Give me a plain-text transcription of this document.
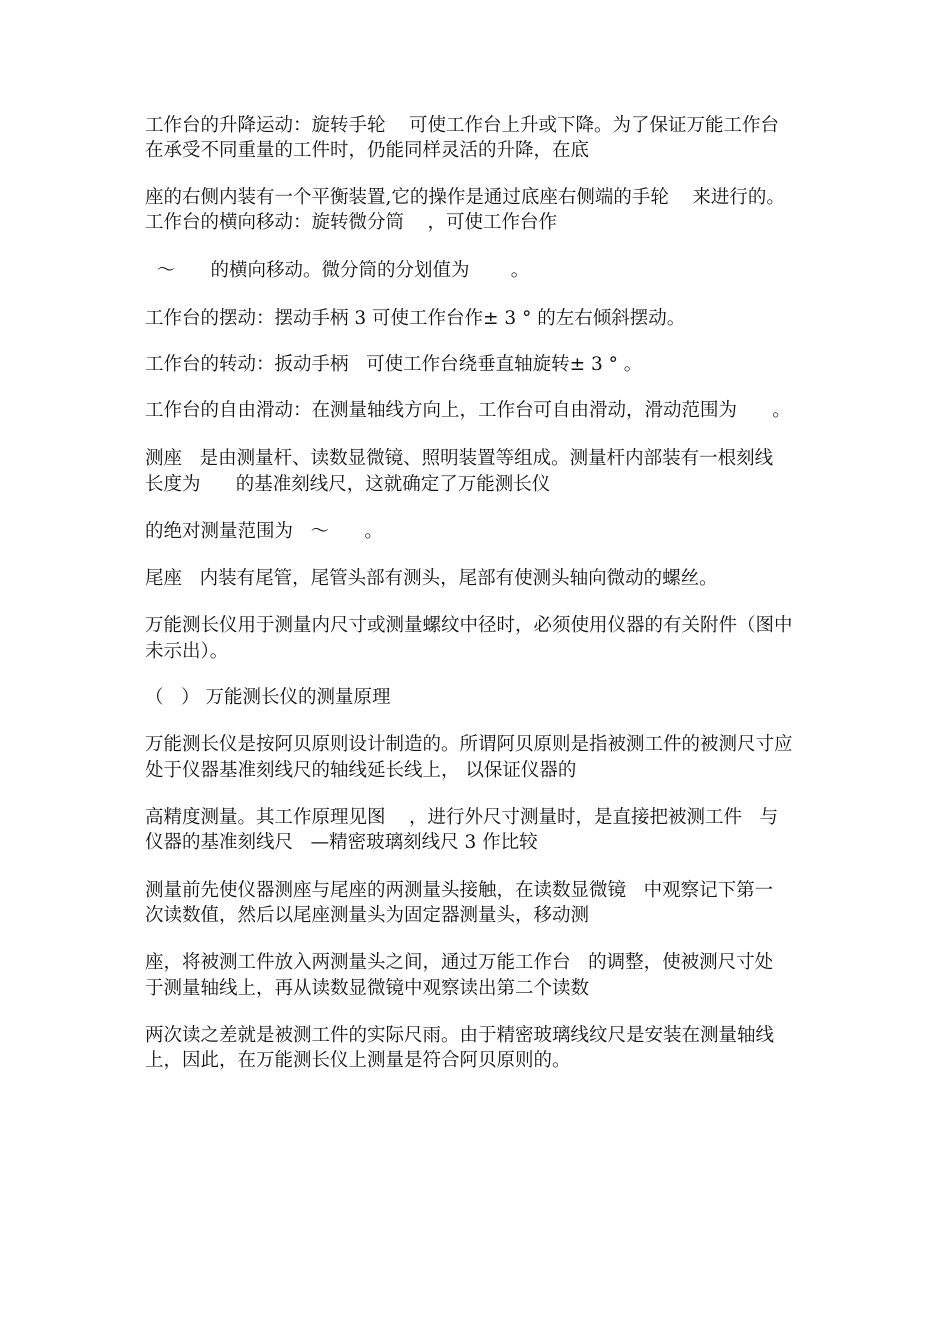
工作台的升降运动：旋转手轮    可使工作台上升或下降。为了保证万能工作台
在承受不同重量的工件时，仍能同样灵活的升降，在底
座的右侧内装有一个平衡装置,它的操作是通过底座右侧端的手轮    来进行的。
工作台的横向移动：旋转微分筒    ，可使工作台作
～      的横向移动。微分筒的分划值为       。
工作台的摆动：摆动手柄 3 可使工作台作± 3 ° 的左右倾斜摆动。
工作台的转动：扳动手柄   可使工作台绕垂直轴旋转± 3 ° 。
工作台的自由滑动：在测量轴线方向上，工作台可自由滑动，滑动范围为      。
测座   是由测量杆、读数显微镜、照明装置等组成。测量杆内部装有一根刻线
长度为      的基准刻线尺，这就确定了万能测长仪
的绝对测量范围为   ～      。
尾座   内装有尾管，尾管头部有测头，尾部有使测头轴向微动的螺丝。
万能测长仪用于测量内尺寸或测量螺纹中径时，必须使用仪器的有关附件（图中
未示出）。
（   ） 万能测长仪的测量原理
万能测长仪是按阿贝原则设计制造的。所谓阿贝原则是指被测工件的被测尺寸应
处于仪器基准刻线尺的轴线延长线上， 以保证仪器的
高精度测量。其工作原理见图    ，进行外尺寸测量时，是直接把被测工件   与
仪器的基准刻线尺   —精密玻璃刻线尺 3 作比较
测量前先使仪器测座与尾座的两测量头接触，在读数显微镜   中观察记下第一
次读数值，然后以尾座测量头为固定器测量头，移动测
座，将被测工件放入两测量头之间，通过万能工作台   的调整，使被测尺寸处
于测量轴线上，再从读数显微镜中观察读出第二个读数
两次读之差就是被测工件的实际尺雨。由于精密玻璃线纹尺是安装在测量轴线
上，因此，在万能测长仪上测量是符合阿贝原则的。
